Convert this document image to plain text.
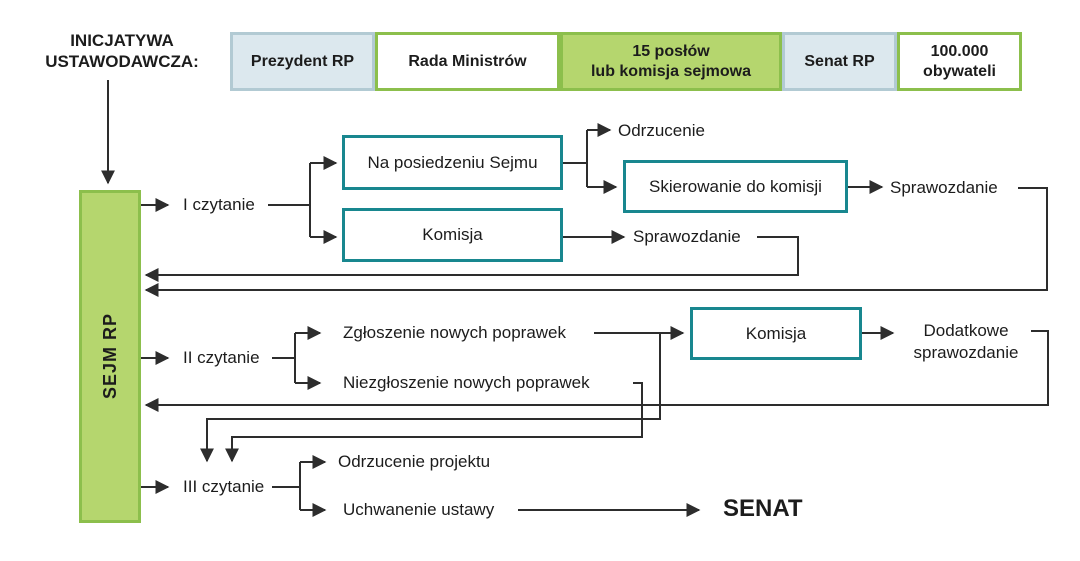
INICJATYWA
USTAWODAWCZA:	Prezydent RP	Rada Ministrów
15 posłów
lub komisja sejmowa
Senat RP
100.000
obywateli
SEJM RP
I czytanie
Na posiedzeniu Sejmu
Komisja
Odrzucenie
Skierowanie do komisji
Sprawozdanie
Sprawozdanie
II czytanie
Zgłoszenie nowych poprawek
Niezgłoszenie nowych poprawek
Komisja	Dodatkowe
sprawozdanie
III czytanie
Odrzucenie projektu
Uchwanenie ustawy	SENAT
